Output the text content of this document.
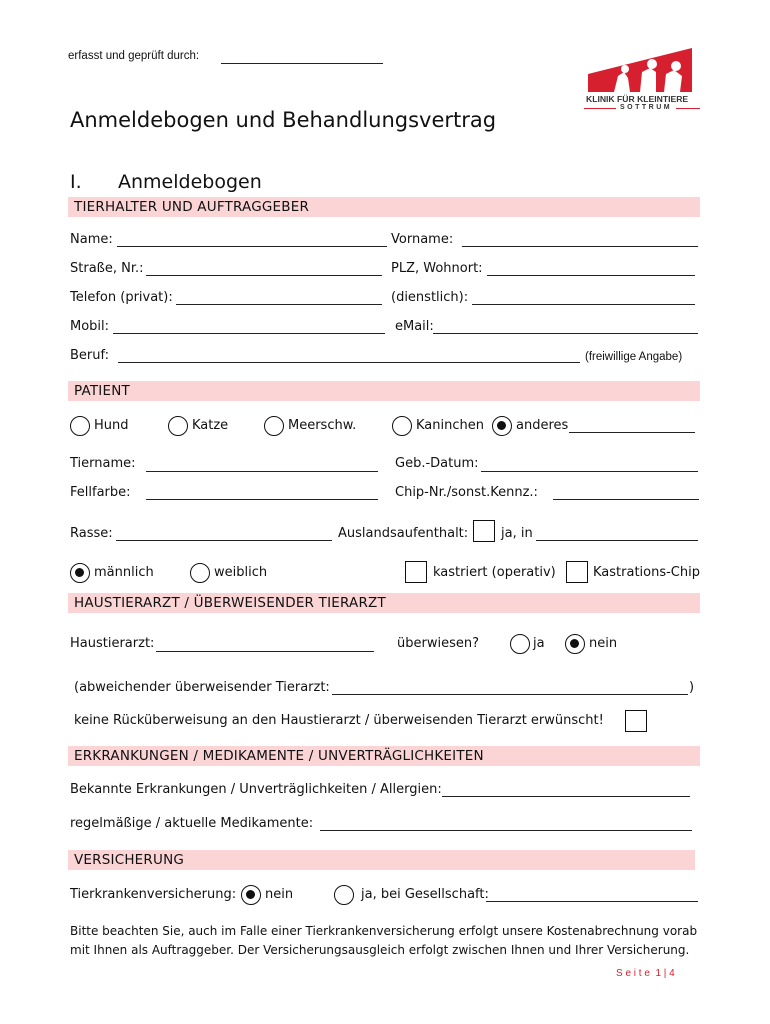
erfasst und geprüft durch:
KLINIK FÜR KLEINTIERE
SOTTRUM
Anmeldebogen und Behandlungsvertrag
I. Anmeldebogen
TIERHALTER UND AUFTRAGGEBER
Name:	Vorname:
Straße, Nr.:	PLZ, Wohnort:
Telefon (privat):	(dienstlich):
Mobil:	eMail:
Beruf:	(freiwillige Angabe)
PATIENT
Hund	Katze	Meerschw.	Kaninchen anderes
Tiername:	Geb.-Datum:
Fellfarbe:	Chip-Nr./sonst.Kennz.:
Rasse:	Auslandsaufenthalt:	ja, in
männlich	weiblich	kastriert (operativ)	Kastrations-Chip
HAUSTIERARZT / ÜBERWEISENDER TIERARZT
Haustierarzt:	überwiesen?	ja	nein
(abweichender überweisender Tierarzt:	)
keine Rücküberweisung an den Haustierarzt / überweisenden Tierarzt erwünscht!
ERKRANKUNGEN / MEDIKAMENTE / UNVERTRÄGLICHKEITEN
Bekannte Erkrankungen / Unverträglichkeiten / Allergien:
regelmäßige / aktuelle Medikamente:
VERSICHERUNG
Tierkrankenversicherung: nein	ja, bei Gesellschaft:
Bitte beachten Sie, auch im Falle einer Tierkrankenversicherung erfolgt unsere Kostenabrechnung vorab
mit Ihnen als Auftraggeber. Der Versicherungsausgleich erfolgt zwischen Ihnen und Ihrer Versicherung.
S e i t e  1 | 4
